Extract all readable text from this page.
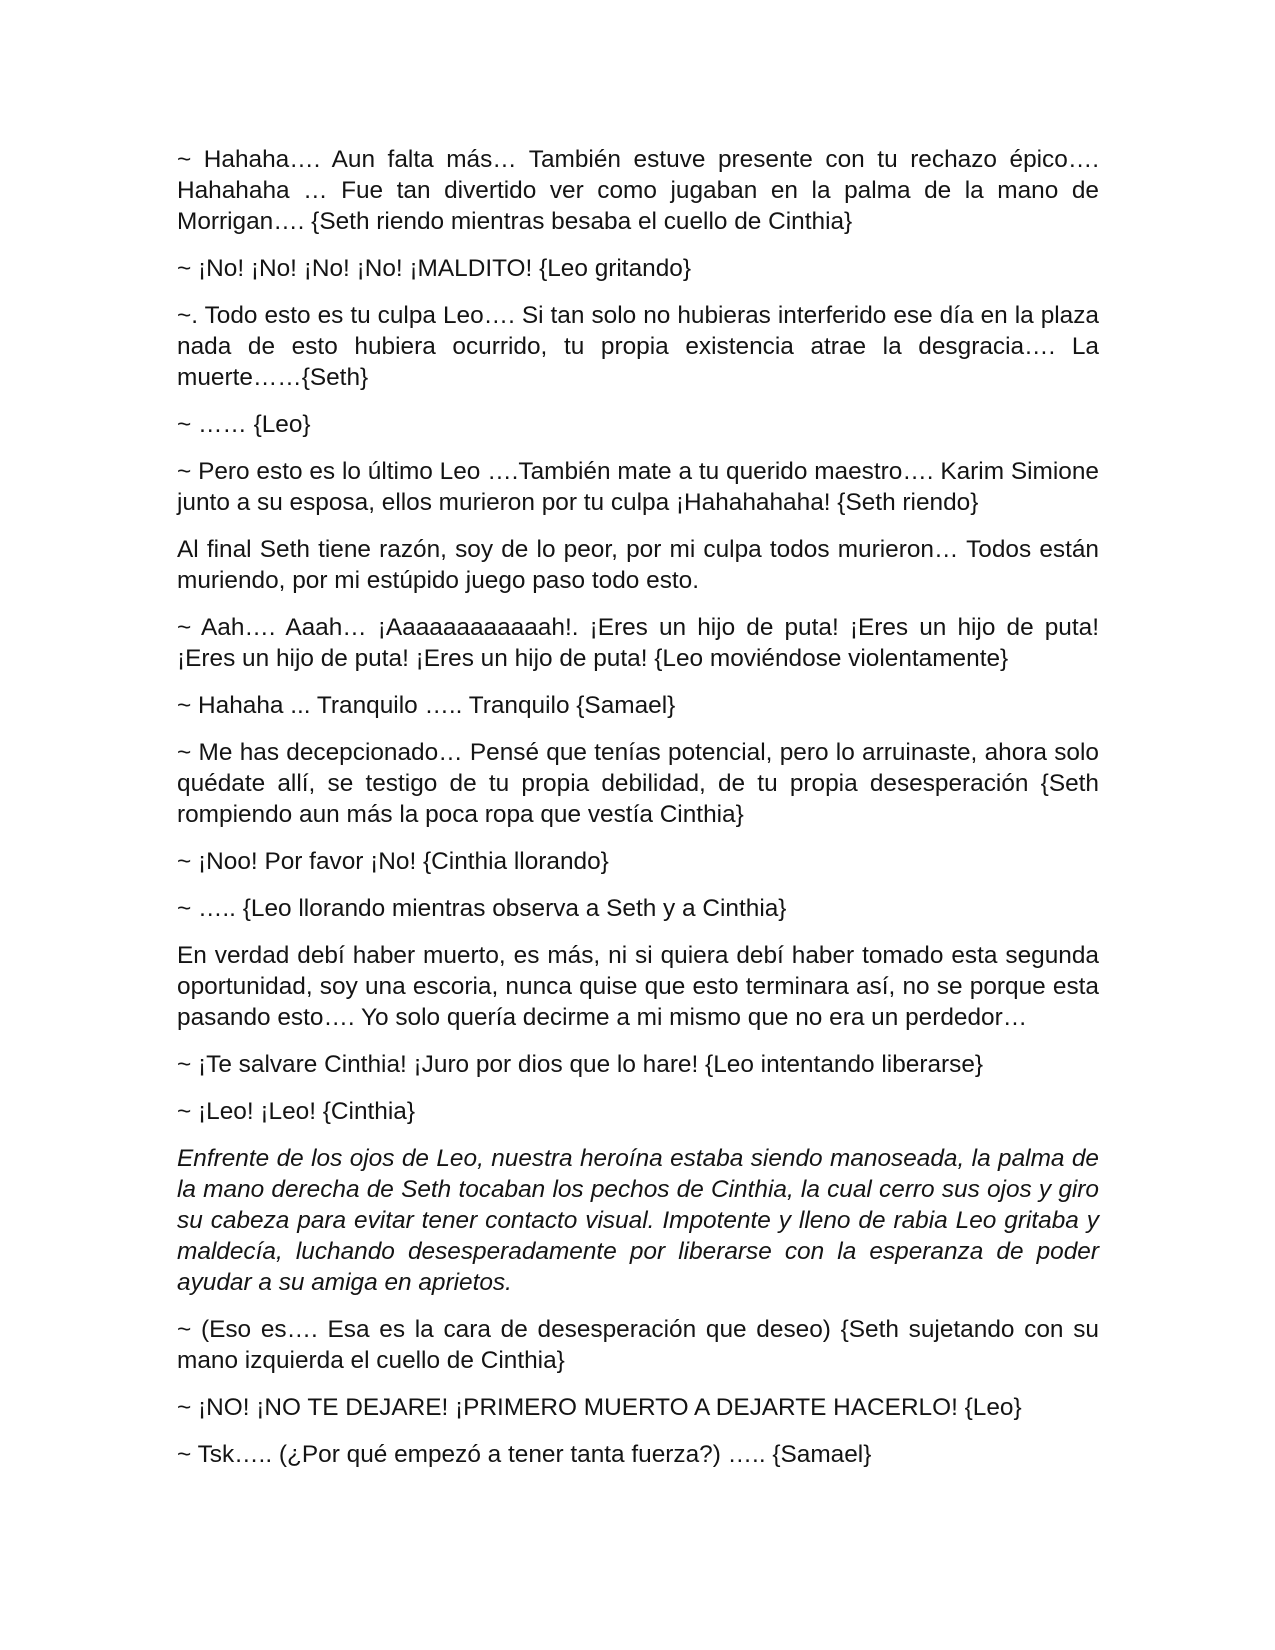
~ Hahaha…. Aun falta más… También estuve presente con tu rechazo épico…. Hahahaha … Fue tan divertido ver como jugaban en la palma de la mano de Morrigan…. {Seth riendo mientras besaba el cuello de Cinthia}

~ ¡No! ¡No! ¡No! ¡No! ¡MALDITO! {Leo gritando}

~. Todo esto es tu culpa Leo…. Si tan solo no hubieras interferido ese día en la plaza nada de esto hubiera ocurrido, tu propia existencia atrae la desgracia…. La muerte……{Seth}

~ …… {Leo}

~ Pero esto es lo último Leo ….También mate a tu querido maestro…. Karim Simione junto a su esposa, ellos murieron por tu culpa ¡Hahahahaha! {Seth riendo}

Al final Seth tiene razón, soy de lo peor, por mi culpa todos murieron… Todos están muriendo, por mi estúpido juego paso todo esto.

~ Aah…. Aaah… ¡Aaaaaaaaaaaah!. ¡Eres un hijo de puta! ¡Eres un hijo de puta! ¡Eres un hijo de puta! ¡Eres un hijo de puta! {Leo moviéndose violentamente}

~ Hahaha ... Tranquilo ….. Tranquilo {Samael}

~ Me has decepcionado… Pensé que tenías potencial, pero lo arruinaste, ahora solo quédate allí, se testigo de tu propia debilidad, de tu propia desesperación {Seth rompiendo aun más la poca ropa que vestía Cinthia}

~ ¡Noo! Por favor ¡No! {Cinthia llorando}

~ ….. {Leo llorando mientras observa a Seth y a Cinthia}

En verdad debí haber muerto, es más, ni si quiera debí haber tomado esta segunda oportunidad, soy una escoria, nunca quise que esto terminara así, no se porque esta pasando esto…. Yo solo quería decirme a mi mismo que no era un perdedor…

~ ¡Te salvare Cinthia! ¡Juro por dios que lo hare! {Leo intentando liberarse}

~ ¡Leo! ¡Leo! {Cinthia}

Enfrente de los ojos de Leo, nuestra heroína estaba siendo manoseada, la palma de la mano derecha de Seth tocaban los pechos de Cinthia, la cual cerro sus ojos y giro su cabeza para evitar tener contacto visual. Impotente y lleno de rabia Leo gritaba y maldecía, luchando desesperadamente por liberarse con la esperanza de poder ayudar a su amiga en aprietos.

~ (Eso es…. Esa es la cara de desesperación que deseo) {Seth sujetando con su mano izquierda el cuello de Cinthia}

~ ¡NO! ¡NO TE DEJARE! ¡PRIMERO MUERTO A DEJARTE HACERLO! {Leo}

~ Tsk….. (¿Por qué empezó a tener tanta fuerza?) ….. {Samael}
